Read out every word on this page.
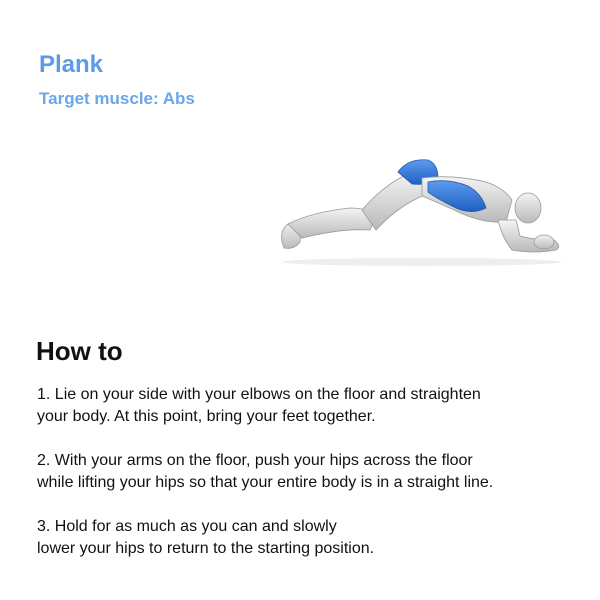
Plank
Target muscle: Abs
How to
1. Lie on your side with your elbows on the floor and straighten
your body. At this point, bring your feet together.
2. With your arms on the floor, push your hips across the floor
while lifting your hips so that your entire body is in a straight line.
3. Hold for as much as you can and slowly
lower your hips to return to the starting position.
